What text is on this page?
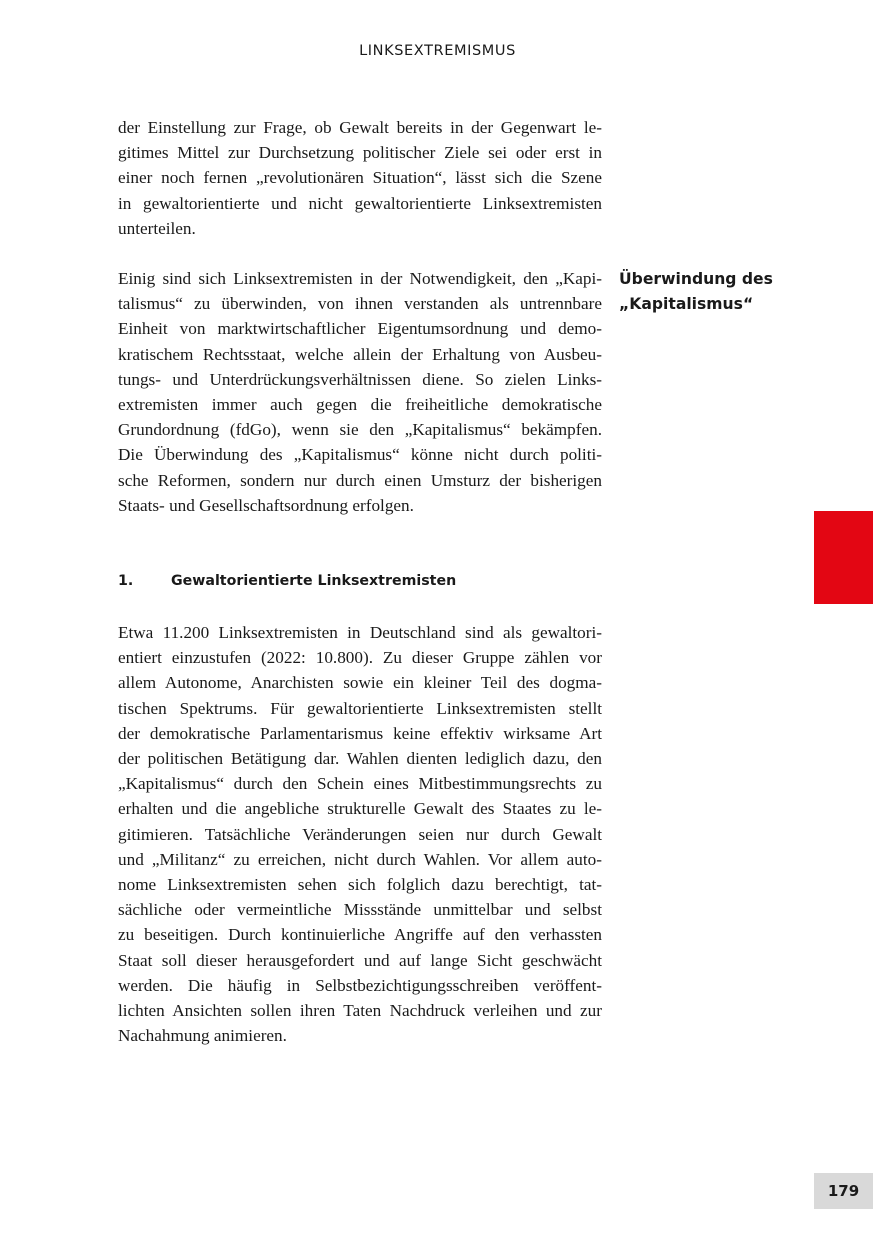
LINKSEXTREMISMUS

der Einstellung zur Frage, ob Gewalt bereits in der Gegenwart le-
gitimes Mittel zur Durchsetzung politischer Ziele sei oder erst in
einer noch fernen „revolutionären Situation“, lässt sich die Szene
in gewaltorientierte und nicht gewaltorientierte Linksextremisten
unterteilen.

Überwindung des
„Kapitalismus“

Einig sind sich Linksextremisten in der Notwendigkeit, den „Kapi-
talismus“ zu überwinden, von ihnen verstanden als untrennbare
Einheit von marktwirtschaftlicher Eigentumsordnung und demo-
kratischem Rechtsstaat, welche allein der Erhaltung von Ausbeu-
tungs- und Unterdrückungsverhältnissen diene. So zielen Links-
extremisten immer auch gegen die freiheitliche demokratische
Grundordnung (fdGo), wenn sie den „Kapitalismus“ bekämpfen.
Die Überwindung des „Kapitalismus“ könne nicht durch politi-
sche Reformen, sondern nur durch einen Umsturz der bisherigen
Staats- und Gesellschaftsordnung erfolgen.

1.	Gewaltorientierte Linksextremisten

Etwa 11.200 Linksextremisten in Deutschland sind als gewaltori-
entiert einzustufen (2022: 10.800). Zu dieser Gruppe zählen vor
allem Autonome, Anarchisten sowie ein kleiner Teil des dogma-
tischen Spektrums. Für gewaltorientierte Linksextremisten stellt
der demokratische Parlamentarismus keine effektiv wirksame Art
der politischen Betätigung dar. Wahlen dienten lediglich dazu, den
„Kapitalismus“ durch den Schein eines Mitbestimmungsrechts zu
erhalten und die angebliche strukturelle Gewalt des Staates zu le-
gitimieren. Tatsächliche Veränderungen seien nur durch Gewalt
und „Militanz“ zu erreichen, nicht durch Wahlen. Vor allem auto-
nome Linksextremisten sehen sich folglich dazu berechtigt, tat-
sächliche oder vermeintliche Missstände unmittelbar und selbst
zu beseitigen. Durch kontinuierliche Angriffe auf den verhassten
Staat soll dieser herausgefordert und auf lange Sicht geschwächt
werden. Die häufig in Selbstbezichtigungsschreiben veröffent-
lichten Ansichten sollen ihren Taten Nachdruck verleihen und zur
Nachahmung animieren.

179
